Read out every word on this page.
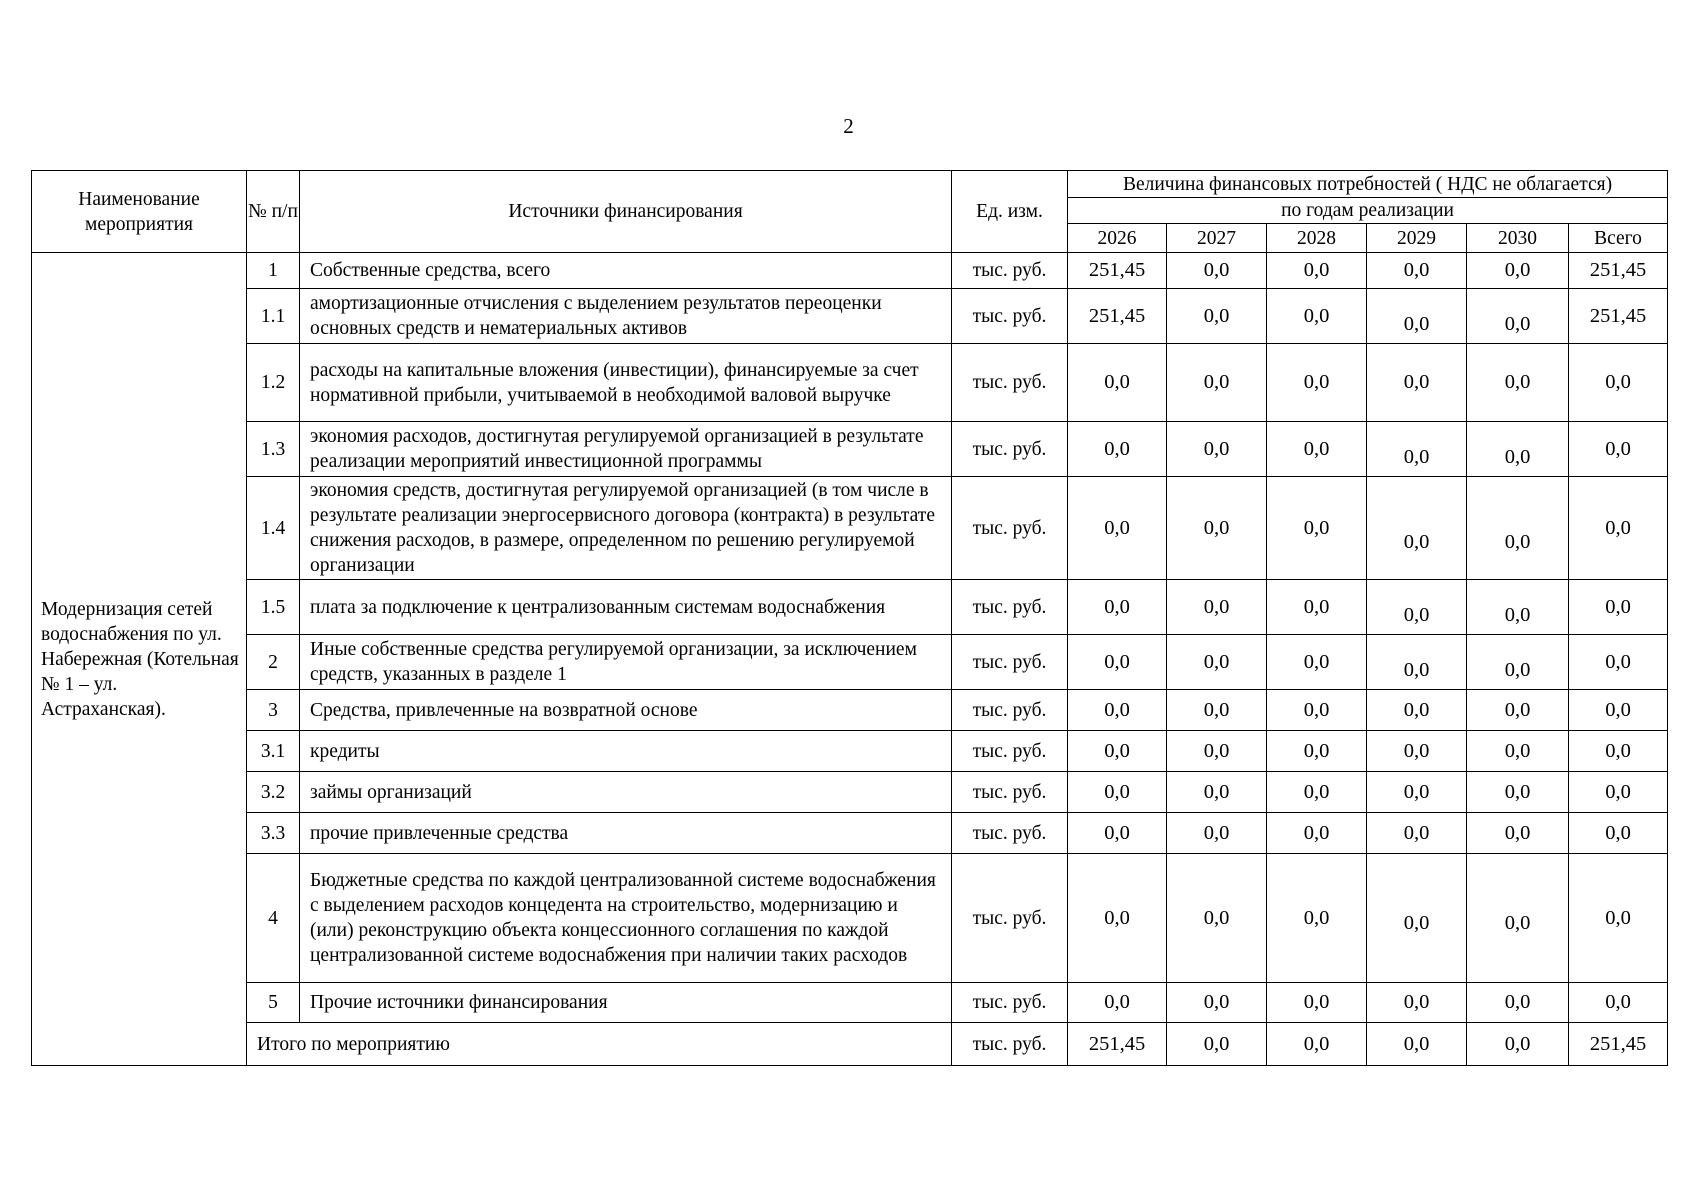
2
Наименование мероприятия	№ п/п	Источники финансирования	Ед. изм.	Величина финансовых потребностей ( НДС не облагается)					
				по годам реализации					
				2026	2027	2028	2029	2030	Всего
Модернизация сетей водоснабжения по ул. Набережная (Котельная № 1 – ул. Астраханская).	1	Собственные средства, всего	тыс. руб.	251,45	0,0	0,0	0,0	0,0	251,45
	1.1	амортизационные отчисления с выделением результатов переоценки основных средств и нематериальных активов	тыс. руб.	251,45	0,0	0,0	0,0	0,0	251,45
	1.2	расходы на капитальные вложения (инвестиции), финансируемые за счет нормативной прибыли, учитываемой в необходимой валовой выручке	тыс. руб.	0,0	0,0	0,0	0,0	0,0	0,0
	1.3	экономия расходов, достигнутая регулируемой организацией в результате реализации мероприятий инвестиционной программы	тыс. руб.	0,0	0,0	0,0	0,0	0,0	0,0
	1.4	экономия средств, достигнутая регулируемой организацией (в том числе в результате реализации энергосервисного договора (контракта) в результате снижения расходов, в размере, определенном по решению регулируемой организации	тыс. руб.	0,0	0,0	0,0	0,0	0,0	0,0
	1.5	плата за подключение к централизованным системам водоснабжения	тыс. руб.	0,0	0,0	0,0	0,0	0,0	0,0
	2	Иные собственные средства регулируемой организации, за исключением средств, указанных в разделе 1	тыс. руб.	0,0	0,0	0,0	0,0	0,0	0,0
	3	Средства, привлеченные на возвратной основе	тыс. руб.	0,0	0,0	0,0	0,0	0,0	0,0
	3.1	кредиты	тыс. руб.	0,0	0,0	0,0	0,0	0,0	0,0
	3.2	займы организаций	тыс. руб.	0,0	0,0	0,0	0,0	0,0	0,0
	3.3	прочие привлеченные средства	тыс. руб.	0,0	0,0	0,0	0,0	0,0	0,0
	4	Бюджетные средства по каждой централизованной системе водоснабжения с выделением расходов концедента на строительство, модернизацию и (или) реконструкцию объекта концессионного соглашения по каждой централизованной системе водоснабжения при наличии таких расходов	тыс. руб.	0,0	0,0	0,0	0,0	0,0	0,0
	5	Прочие источники финансирования	тыс. руб.	0,0	0,0	0,0	0,0	0,0	0,0
	Итого по мероприятию		тыс. руб.	251,45	0,0	0,0	0,0	0,0	251,45
